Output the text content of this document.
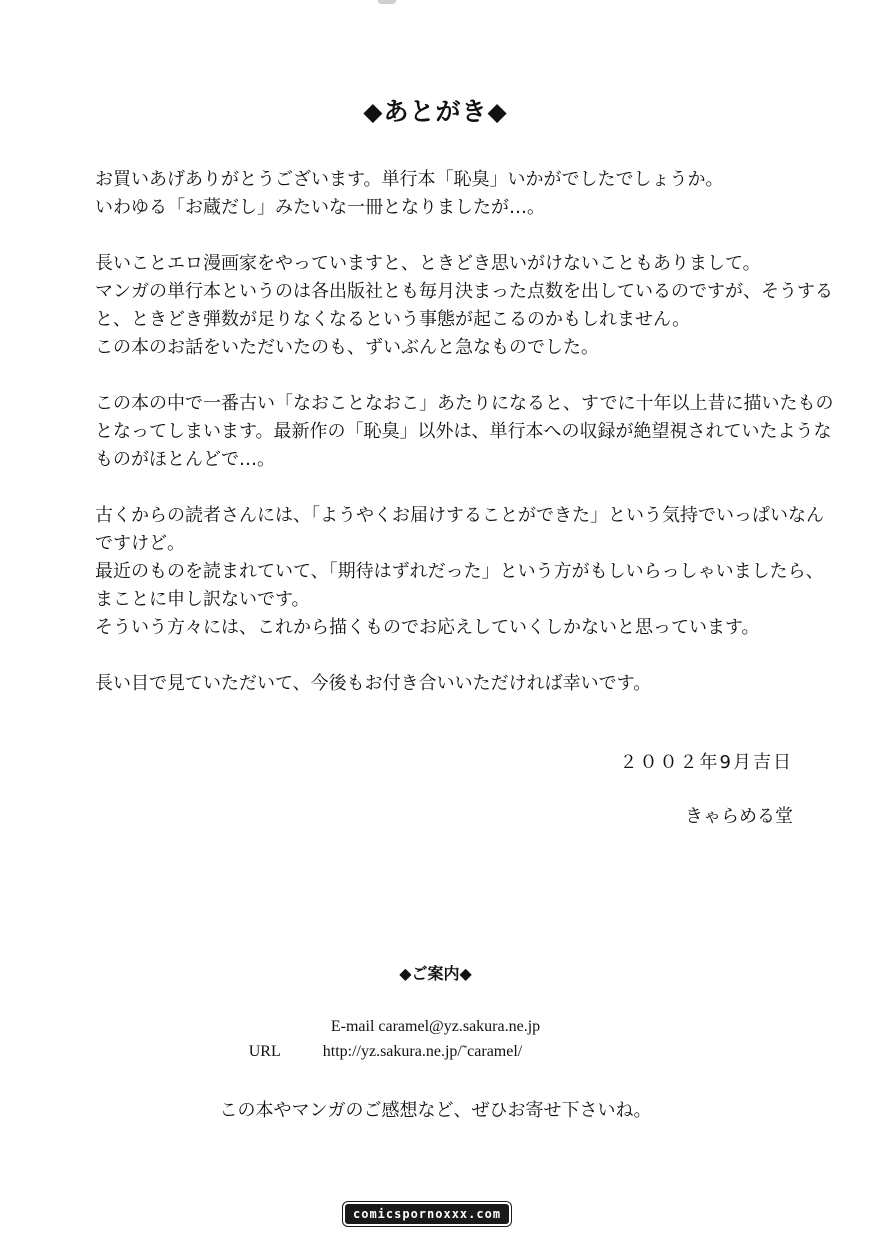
◆あとがき◆

お買いあげありがとうございます。単行本「恥臭」いかがでしたでしょうか。
いわゆる「お蔵だし」みたいな一冊となりましたが…。

長いことエロ漫画家をやっていますと、ときどき思いがけないこともありまして。
マンガの単行本というのは各出版社とも毎月決まった点数を出しているのですが、そうする
と、ときどき弾数が足りなくなるという事態が起こるのかもしれません。
この本のお話をいただいたのも、ずいぶんと急なものでした。

この本の中で一番古い「なおことなおこ」あたりになると、すでに十年以上昔に描いたもの
となってしまいます。最新作の「恥臭」以外は、単行本への収録が絶望視されていたような
ものがほとんどで…。

古くからの読者さんには、「ようやくお届けすることができた」という気持でいっぱいなん
ですけど。
最近のものを読まれていて、「期待はずれだった」という方がもしいらっしゃいましたら、
まことに申し訳ないです。
そういう方々には、これから描くものでお応えしていくしかないと思っています。

長い目で見ていただいて、今後もお付き合いいただければ幸いです。

２００２年9月吉日
きゃらめる堂
◆ご案内◆
E-mail caramel@yz.sakura.ne.jp
URL	http://yz.sakura.ne.jp/˜caramel/
この本やマンガのご感想など、ぜひお寄せ下さいね。
comicspornoxxx.com
